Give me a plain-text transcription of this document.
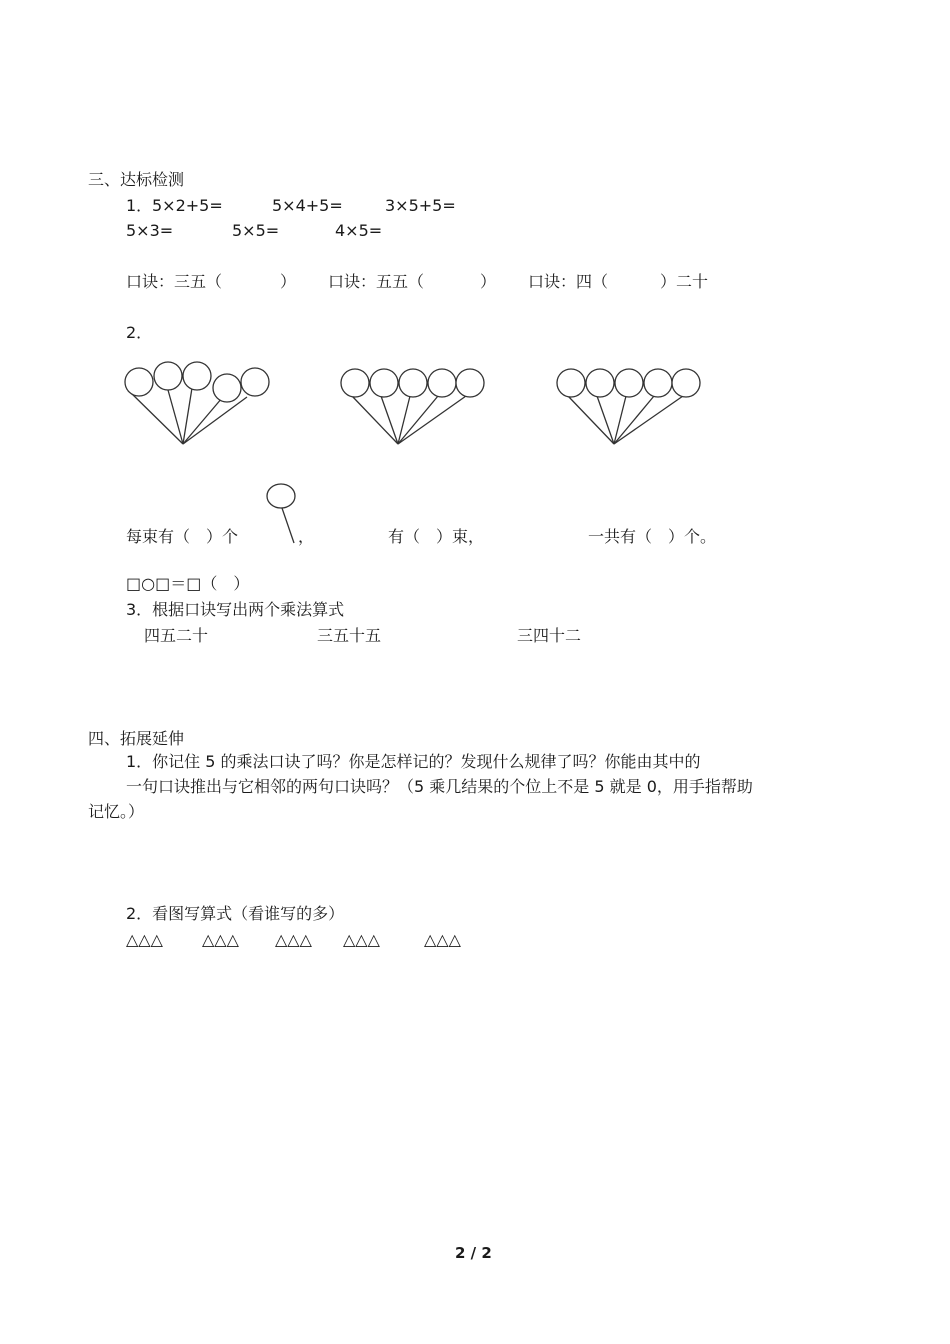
三、达标检测
1． 5×2+5=	5×4+5=	3×5+5=
5×3=	5×5=	4×5=
口诀：三五（	） 口诀：五五（	） 口诀：四（	）二十
2．
每束有（　）个	，	有（　）束，	一共有（　）个。
□○□＝□（　）
3．根据口诀写出两个乘法算式
四五二十	三五十五	三四十二
四、拓展延伸
1．你记住 5 的乘法口诀了吗？你是怎样记的？发现什么规律了吗？你能由其中的
一句口诀推出与它相邻的两句口诀吗？（5 乘几结果的个位上不是 5 就是 0，用手指帮助
记忆。）
2．看图写算式（看谁写的多）
△△△ △△△ △△△ △△△	△△△
2 / 2
